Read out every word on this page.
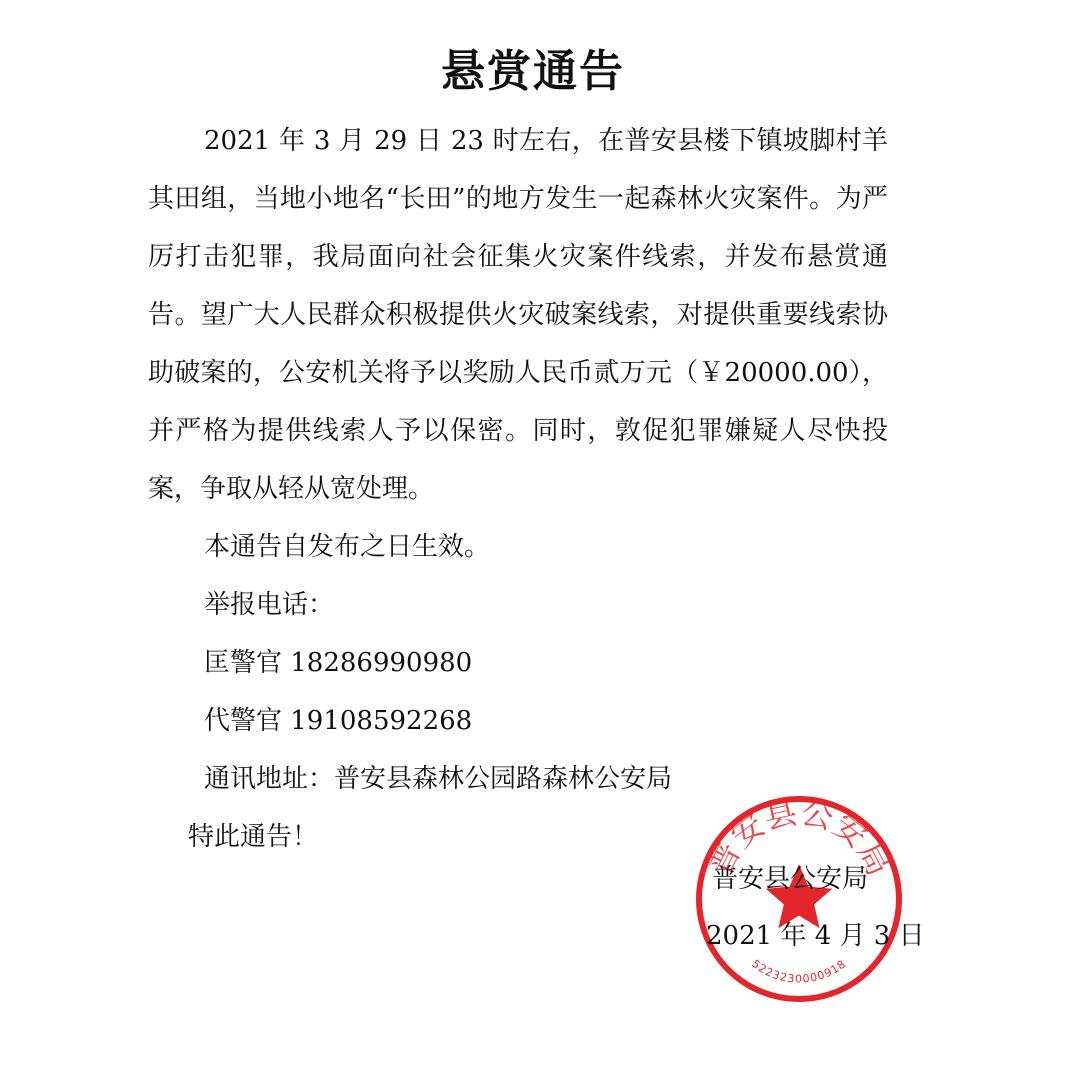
悬赏通告

2021 年 3 月 29 日 23 时左右，在普安县楼下镇坡脚村羊其田组，当地小地名“长田”的地方发生一起森林火灾案件。为严厉打击犯罪，我局面向社会征集火灾案件线索，并发布悬赏通告。望广大人民群众积极提供火灾破案线索，对提供重要线索协助破案的，公安机关将予以奖励人民币贰万元（￥20000.00），并严格为提供线索人予以保密。同时，敦促犯罪嫌疑人尽快投案，争取从轻从宽处理。

本通告自发布之日生效。

举报电话：

匡警官 18286990980

代警官 19108592268

通讯地址：普安县森林公园路森林公安局

特此通告！	普安县公安局
5223230000918
普安县公安局
2021 年 4 月 3 日
